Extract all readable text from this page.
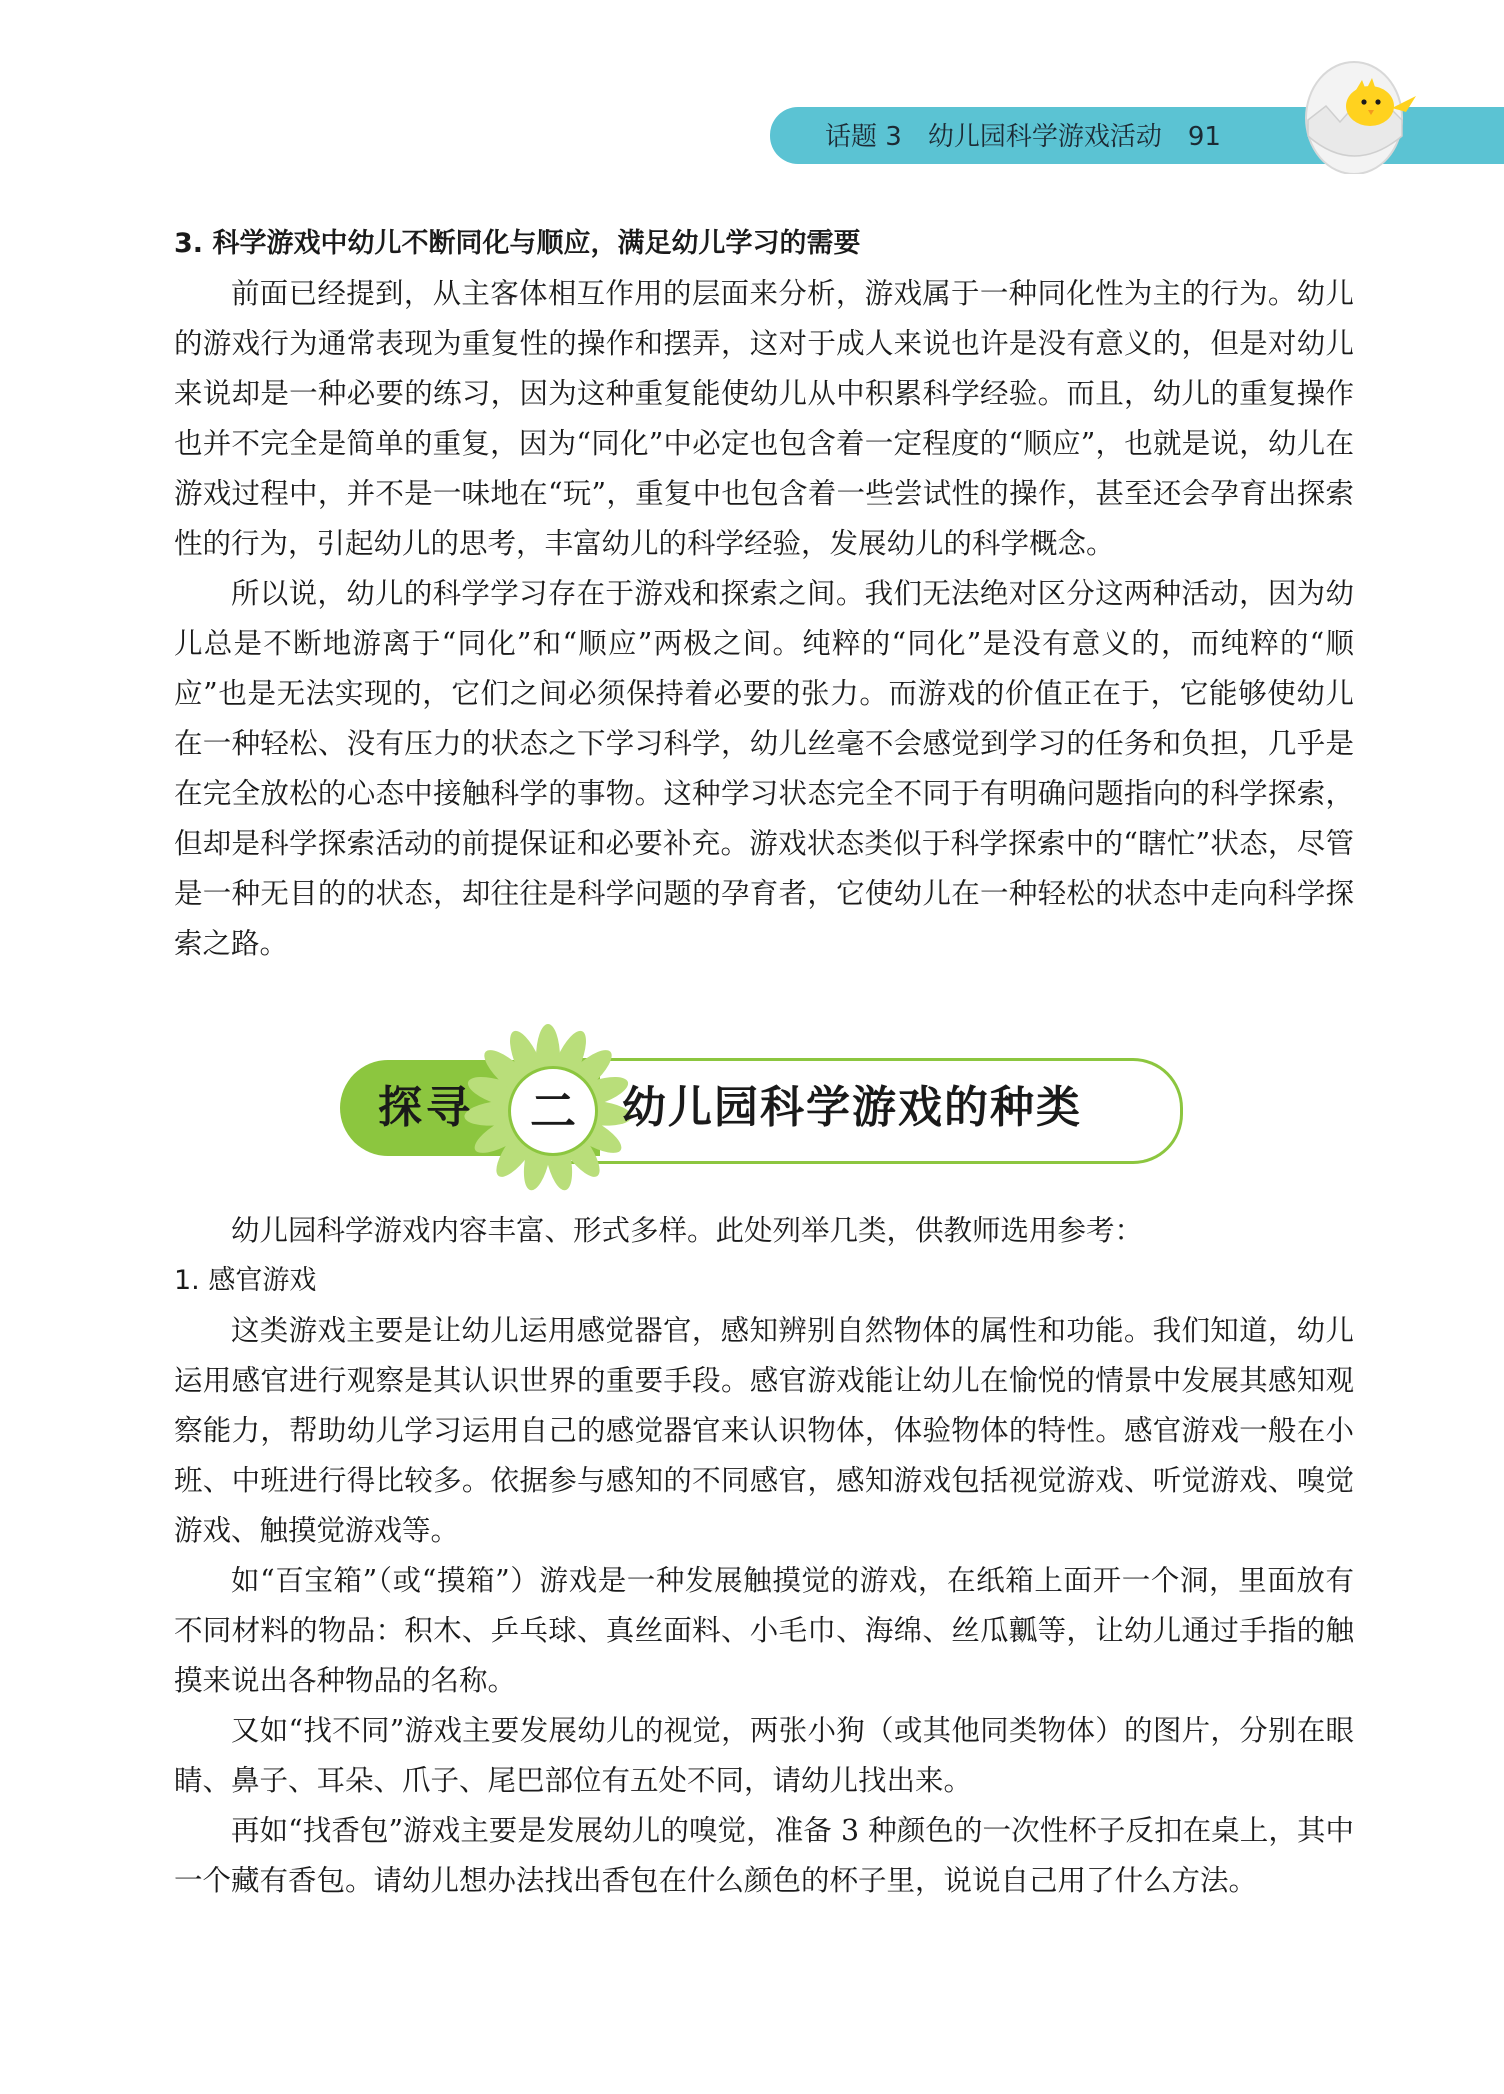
话题 3 幼儿园科学游戏活动 91
3. 科学游戏中幼儿不断同化与顺应，满足幼儿学习的需要
前面已经提到，从主客体相互作用的层面来分析，游戏属于一种同化性为主的行为。幼儿的游戏行为通常表现为重复性的操作和摆弄，这对于成人来说也许是没有意义的，但是对幼儿来说却是一种必要的练习，因为这种重复能使幼儿从中积累科学经验。而且，幼儿的重复操作也并不完全是简单的重复，因为“同化”中必定也包含着一定程度的“顺应”，也就是说，幼儿在游戏过程中，并不是一味地在“玩”，重复中也包含着一些尝试性的操作，甚至还会孕育出探索性的行为，引起幼儿的思考，丰富幼儿的科学经验，发展幼儿的科学概念。
所以说，幼儿的科学学习存在于游戏和探索之间。我们无法绝对区分这两种活动，因为幼儿总是不断地游离于“同化”和“顺应”两极之间。纯粹的“同化”是没有意义的，而纯粹的“顺应”也是无法实现的，它们之间必须保持着必要的张力。而游戏的价值正在于，它能够使幼儿在一种轻松、没有压力的状态之下学习科学，幼儿丝毫不会感觉到学习的任务和负担，几乎是在完全放松的心态中接触科学的事物。这种学习状态完全不同于有明确问题指向的科学探索，但却是科学探索活动的前提保证和必要补充。游戏状态类似于科学探索中的“瞎忙”状态，尽管是一种无目的的状态，却往往是科学问题的孕育者，它使幼儿在一种轻松的状态中走向科学探索之路。
幼儿园科学游戏内容丰富、形式多样。此处列举几类，供教师选用参考：
1. 感官游戏
这类游戏主要是让幼儿运用感觉器官，感知辨别自然物体的属性和功能。我们知道，幼儿运用感官进行观察是其认识世界的重要手段。感官游戏能让幼儿在愉悦的情景中发展其感知观察能力，帮助幼儿学习运用自己的感觉器官来认识物体，体验物体的特性。感官游戏一般在小班、中班进行得比较多。依据参与感知的不同感官，感知游戏包括视觉游戏、听觉游戏、嗅觉游戏、触摸觉游戏等。
如“百宝箱”（或“摸箱”）游戏是一种发展触摸觉的游戏，在纸箱上面开一个洞，里面放有不同材料的物品：积木、乒乓球、真丝面料、小毛巾、海绵、丝瓜瓤等，让幼儿通过手指的触摸来说出各种物品的名称。
又如“找不同”游戏主要发展幼儿的视觉，两张小狗（或其他同类物体）的图片，分别在眼睛、鼻子、耳朵、爪子、尾巴部位有五处不同，请幼儿找出来。
再如“找香包”游戏主要是发展幼儿的嗅觉，准备 3 种颜色的一次性杯子反扣在桌上，其中一个藏有香包。请幼儿想办法找出香包在什么颜色的杯子里，说说自己用了什么方法。
探寻	二	幼儿园科学游戏的种类
